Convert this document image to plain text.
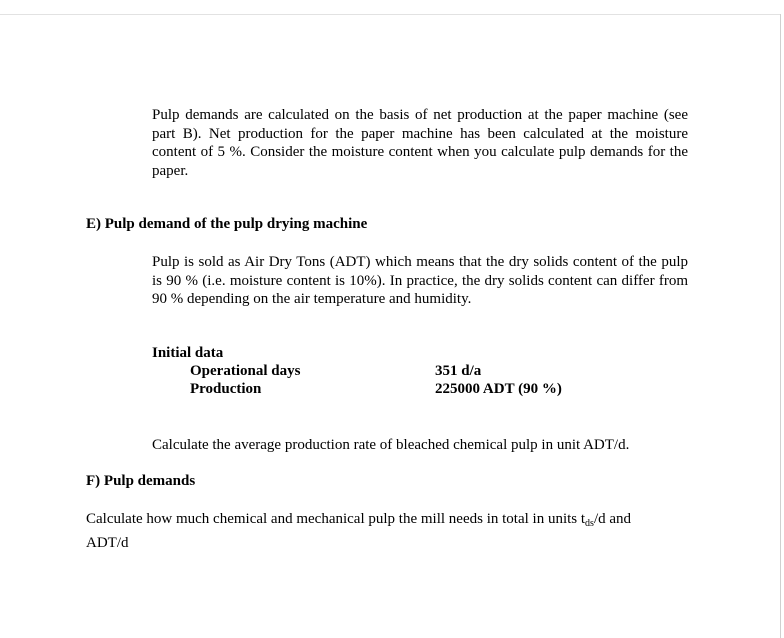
Pulp demands are calculated on the basis of net production at the paper machine (see part B). Net production for the paper machine has been calculated at the moisture content of 5 %. Consider the moisture content when you calculate pulp demands for the paper.

E) Pulp demand of the pulp drying machine

Pulp is sold as Air Dry Tons (ADT) which means that the dry solids content of the pulp is 90 % (i.e. moisture content is 10%). In practice, the dry solids content can differ from 90 % depending on the air temperature and humidity.

Initial data
Operational days	351 d/a
Production	225000 ADT (90 %)

Calculate the average production rate of bleached chemical pulp in unit ADT/d.

F) Pulp demands

Calculate how much chemical and mechanical pulp the mill needs in total in units $t_{ds}/d$ and ADT/d
